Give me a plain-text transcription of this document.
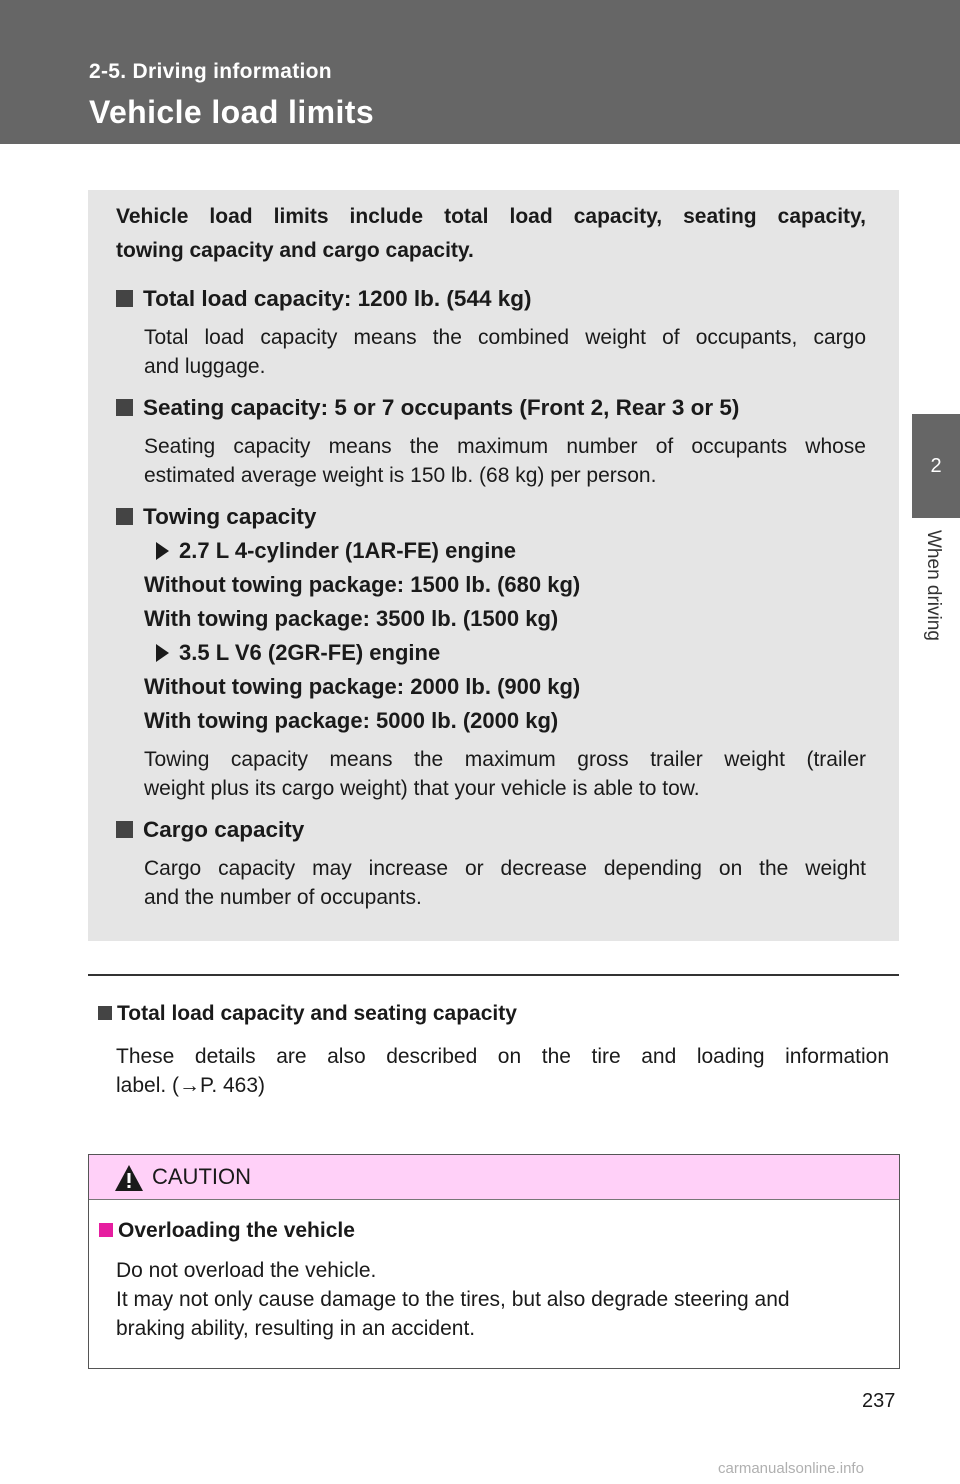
2-5. Driving information
Vehicle load limits
2
When driving
Vehicle load limits include total load capacity, seating capacity,
towing capacity and cargo capacity.
Total load capacity: 1200 lb. (544 kg)
Total load capacity means the combined weight of occupants, cargo
and luggage.
Seating capacity: 5 or 7 occupants (Front 2, Rear 3 or 5)
Seating capacity means the maximum number of occupants whose
estimated average weight is 150 lb. (68 kg) per person.
Towing capacity
2.7 L 4-cylinder (1AR-FE) engine
Without towing package: 1500 lb. (680 kg)
With towing package: 3500 lb. (1500 kg)
3.5 L V6 (2GR-FE) engine
Without towing package: 2000 lb. (900 kg)
With towing package: 5000 lb. (2000 kg)
Towing capacity means the maximum gross trailer weight (trailer
weight plus its cargo weight) that your vehicle is able to tow.
Cargo capacity
Cargo capacity may increase or decrease depending on the weight
and the number of occupants.
Total load capacity and seating capacity
These details are also described on the tire and loading information
label. (→P. 463)
CAUTION
Overloading the vehicle
Do not overload the vehicle.
It may not only cause damage to the tires, but also degrade steering and
braking ability, resulting in an accident.
237
carmanualsonline.info
